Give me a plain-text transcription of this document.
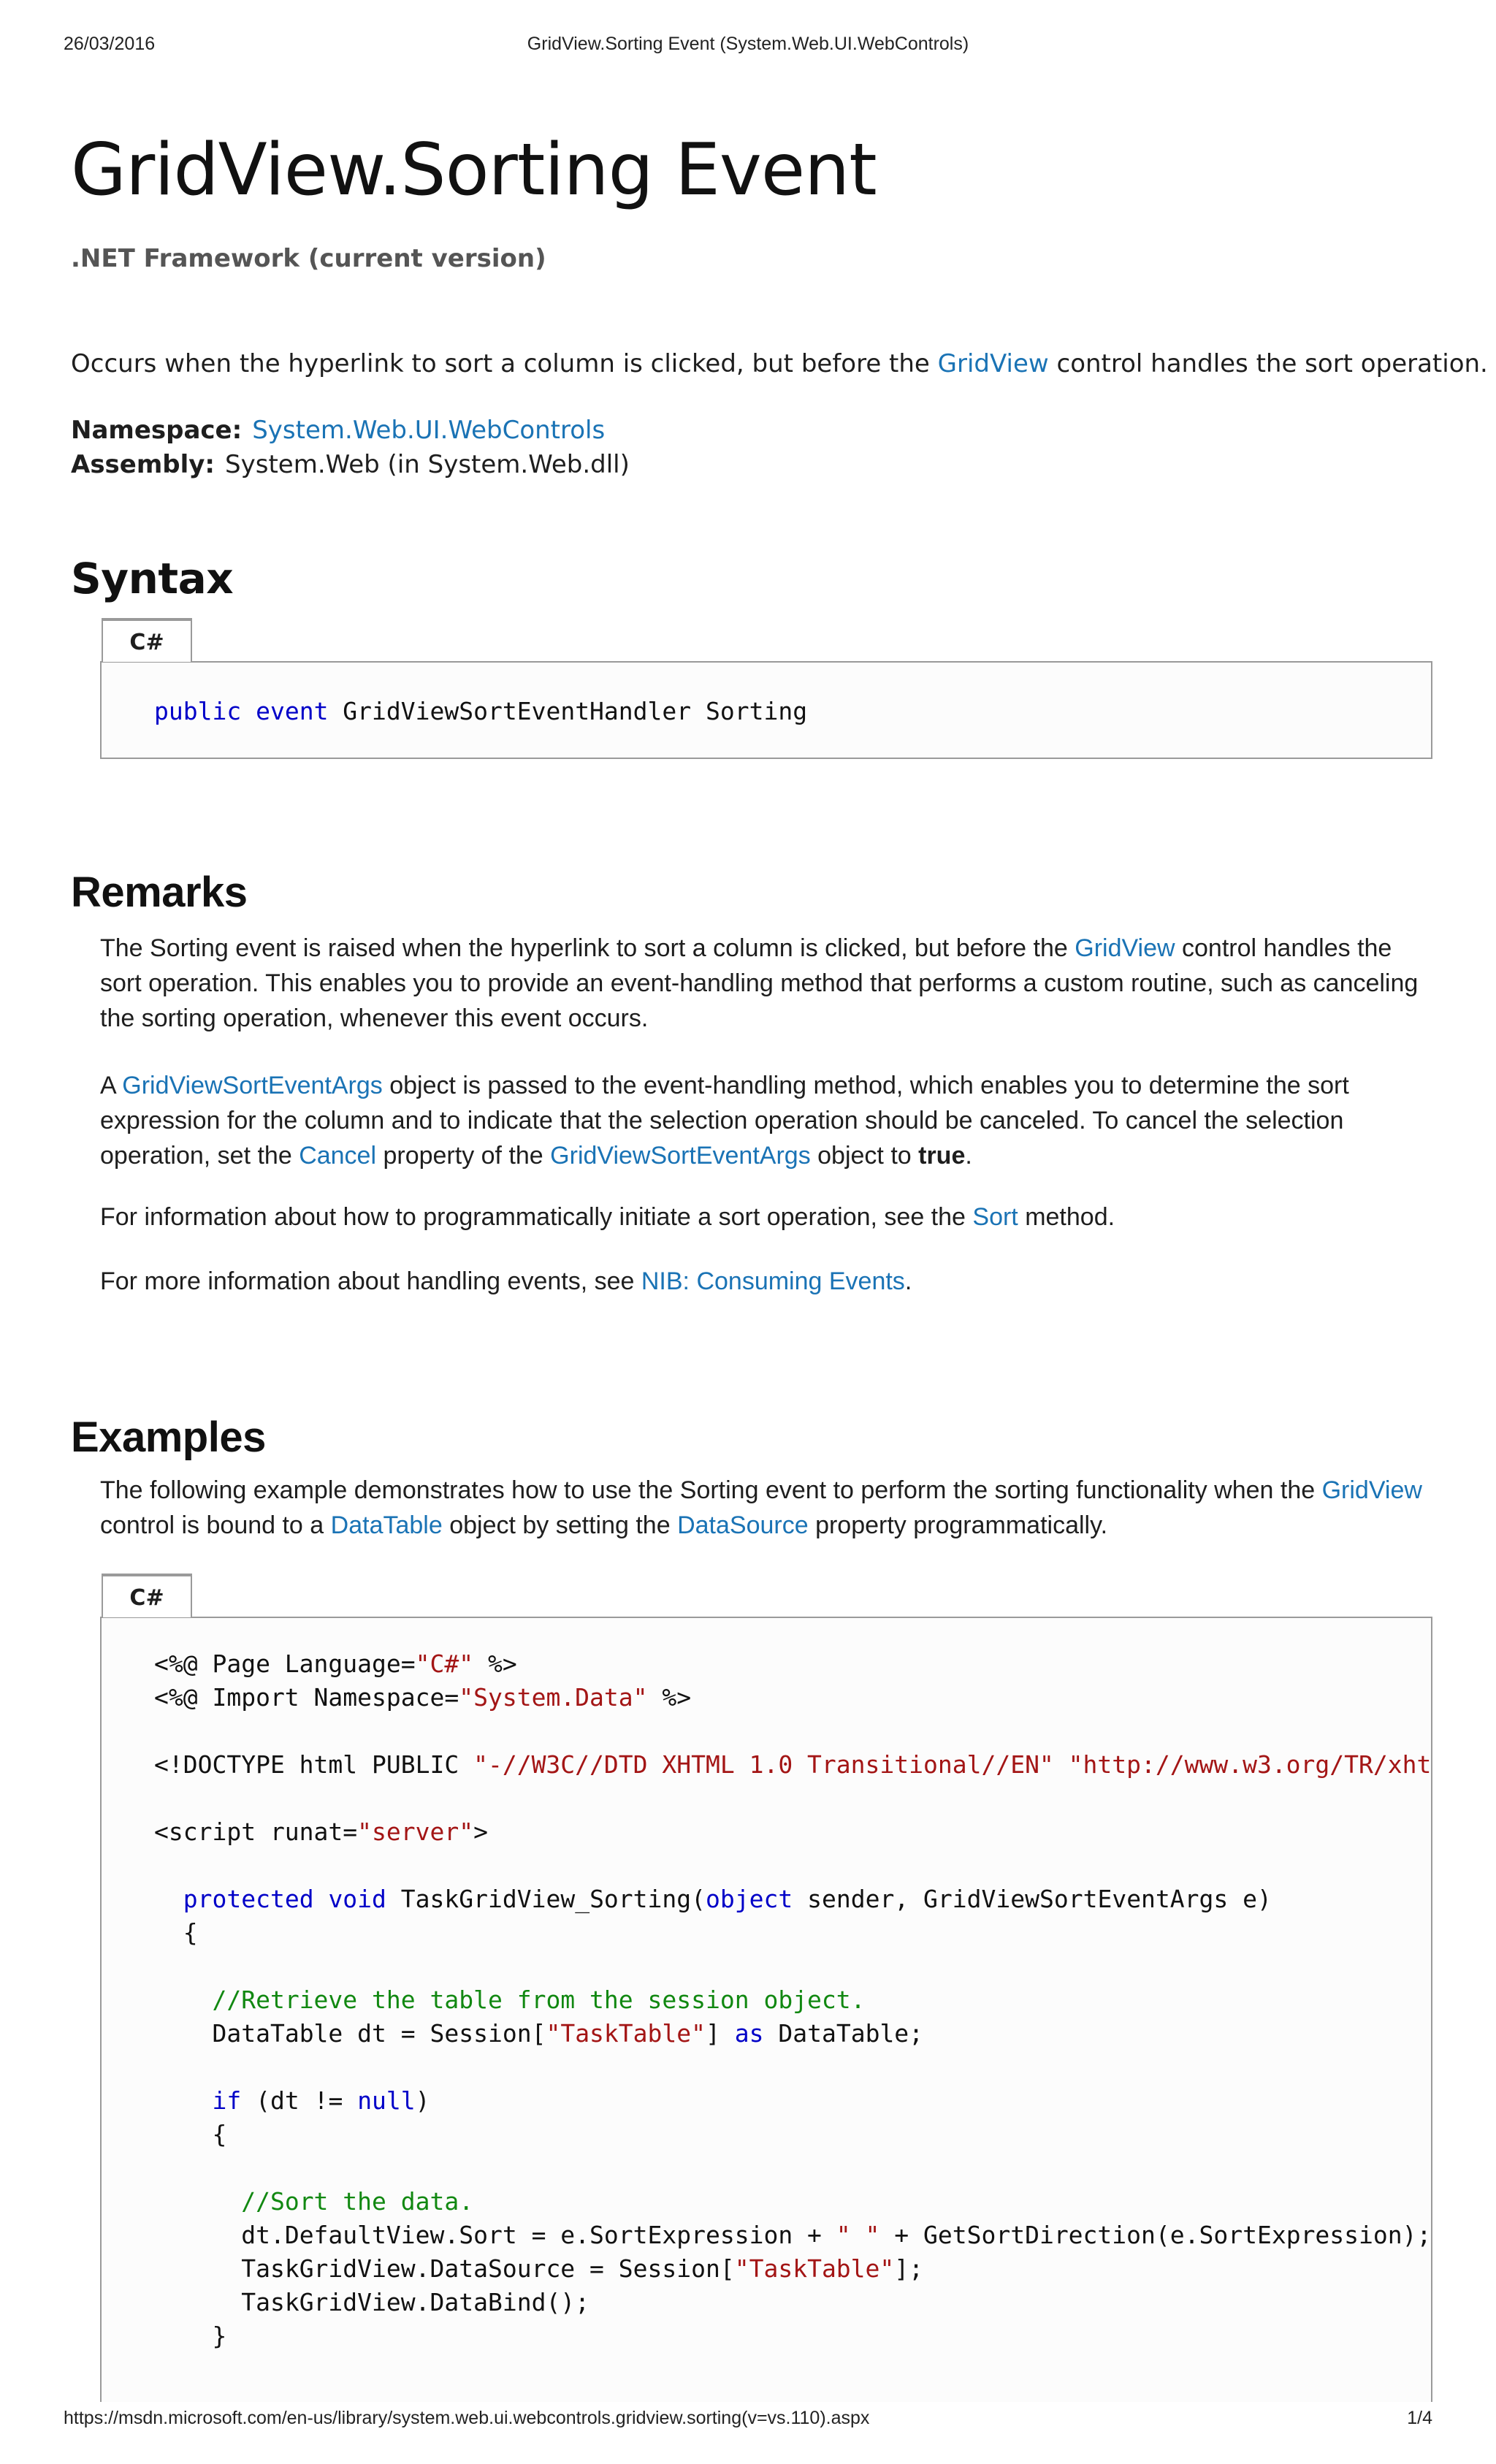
26/03/2016	GridView.Sorting Event (System.Web.UI.WebControls)
GridView.Sorting Event
.NET Framework (current version)
Occurs when the hyperlink to sort a column is clicked, but before the GridView control handles the sort operation.
Namespace: System.Web.UI.WebControls
Assembly: System.Web (in System.Web.dll)
Syntax
C#
public event GridViewSortEventHandler Sorting
Remarks
The Sorting event is raised when the hyperlink to sort a column is clicked, but before the GridView control handles the sort operation. This enables you to provide an event-handling method that performs a custom routine, such as canceling the sorting operation, whenever this event occurs.
A GridViewSortEventArgs object is passed to the event-handling method, which enables you to determine the sort expression for the column and to indicate that the selection operation should be canceled. To cancel the selection operation, set the Cancel property of the GridViewSortEventArgs object to true.
For information about how to programmatically initiate a sort operation, see the Sort method.
For more information about handling events, see NIB: Consuming Events.
Examples
The following example demonstrates how to use the Sorting event to perform the sorting functionality when the GridView control is bound to a DataTable object by setting the DataSource property programmatically.
C#
<%@ Page Language="C#" %>
<%@ Import Namespace="System.Data" %>

<!DOCTYPE html PUBLIC "-//W3C//DTD XHTML 1.0 Transitional//EN" "http://www.w3.org/TR/xht

<script runat="server">

protected void TaskGridView_Sorting(object sender, GridViewSortEventArgs e)
{

//Retrieve the table from the session object.
DataTable dt = Session["TaskTable"] as DataTable;

if (dt != null)
{

//Sort the data.
dt.DefaultView.Sort = e.SortExpression + " " + GetSortDirection(e.SortExpression);
TaskGridView.DataSource = Session["TaskTable"];
TaskGridView.DataBind();
}
https://msdn.microsoft.com/en-us/library/system.web.ui.webcontrols.gridview.sorting(v=vs.110).aspx	1/4
